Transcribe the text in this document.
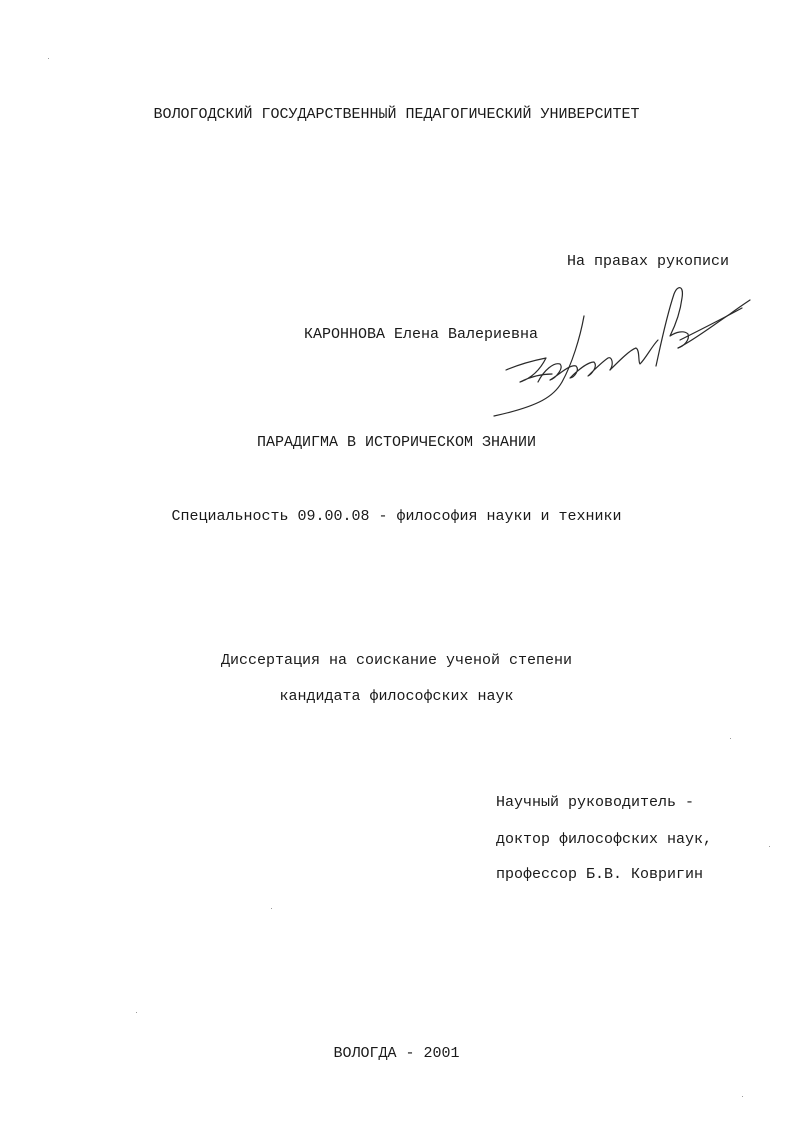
ВОЛОГОДСКИЙ ГОСУДАРСТВЕННЫЙ ПЕДАГОГИЧЕСКИЙ УНИВЕРСИТЕТ
На правах рукописи
КАРОННОВА Елена Валериевна
ПАРАДИГМА В ИСТОРИЧЕСКОМ ЗНАНИИ
Специальность 09.00.08 - философия науки и техники
Диссертация на соискание ученой степени
кандидата философских наук
Научный руководитель -
доктор философских наук,
профессор Б.В. Ковригин
ВОЛОГДА - 2001
